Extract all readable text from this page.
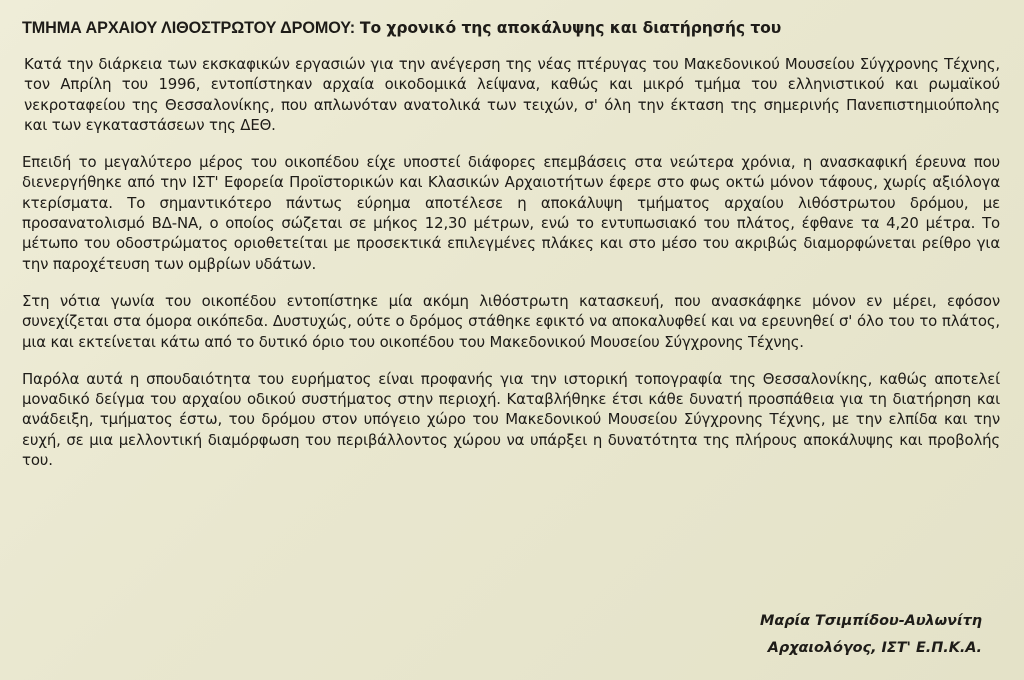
ΤΜΗΜΑ ΑΡΧΑΙΟΥ ΛΙΘΟΣΤΡΩΤΟΥ ΔΡΟΜΟΥ: Το χρονικό της αποκάλυψης και διατήρησής του

Κατά την διάρκεια των εκσκαφικών εργασιών για την ανέγερση της νέας πτέρυγας του Μακεδονικού Μουσείου Σύγχρονης Τέχνης, τον Απρίλη του 1996, εντοπίστηκαν αρχαία οικοδομικά λείψανα, καθώς και μικρό τμήμα του ελληνιστικού και ρωμαϊκού νεκροταφείου της Θεσσαλονίκης, που απλωνόταν ανατολικά των τειχών, σ' όλη την έκταση της σημερινής Πανεπιστημιούπολης και των εγκαταστάσεων της ΔΕΘ.

Επειδή το μεγαλύτερο μέρος του οικοπέδου είχε υποστεί διάφορες επεμβάσεις στα νεώτερα χρόνια, η ανασκαφική έρευνα που διενεργήθηκε από την ΙΣΤ' Εφορεία Προϊστορικών και Κλασικών Αρχαιοτήτων έφερε στο φως οκτώ μόνον τάφους, χωρίς αξιόλογα κτερίσματα. Το σημαντικότερο πάντως εύρημα αποτέλεσε η αποκάλυψη τμήματος αρχαίου λιθόστρωτου δρόμου, με προσανατολισμό ΒΔ-ΝΑ, ο οποίος σώζεται σε μήκος 12,30 μέτρων, ενώ το εντυπωσιακό του πλάτος, έφθανε τα 4,20 μέτρα. Το μέτωπο του οδοστρώματος οριοθετείται με προσεκτικά επιλεγμένες πλάκες και στο μέσο του ακριβώς διαμορφώνεται ρείθρο για την παροχέτευση των ομβρίων υδάτων.

Στη νότια γωνία του οικοπέδου εντοπίστηκε μία ακόμη λιθόστρωτη κατασκευή, που ανασκάφηκε μόνον εν μέρει, εφόσον συνεχίζεται στα όμορα οικόπεδα. Δυστυχώς, ούτε ο δρόμος στάθηκε εφικτό να αποκαλυφθεί και να ερευνηθεί σ' όλο του το πλάτος, μια και εκτείνεται κάτω από το δυτικό όριο του οικοπέδου του Μακεδονικού Μουσείου Σύγχρονης Τέχνης.

Παρόλα αυτά η σπουδαιότητα του ευρήματος είναι προφανής για την ιστορική τοπογραφία της Θεσσαλονίκης, καθώς αποτελεί μοναδικό δείγμα του αρχαίου οδικού συστήματος στην περιοχή. Καταβλήθηκε έτσι κάθε δυνατή προσπάθεια για τη διατήρηση και ανάδειξη, τμήματος έστω, του δρόμου στον υπόγειο χώρο του Μακεδονικού Μουσείου Σύγχρονης Τέχνης, με την ελπίδα και την ευχή, σε μια μελλοντική διαμόρφωση του περιβάλλοντος χώρου να υπάρξει η δυνατότητα της πλήρους αποκάλυψης και προβολής του.

Μαρία Τσιμπίδου-Αυλωνίτη
Αρχαιολόγος, ΙΣΤ' Ε.Π.Κ.Α.
